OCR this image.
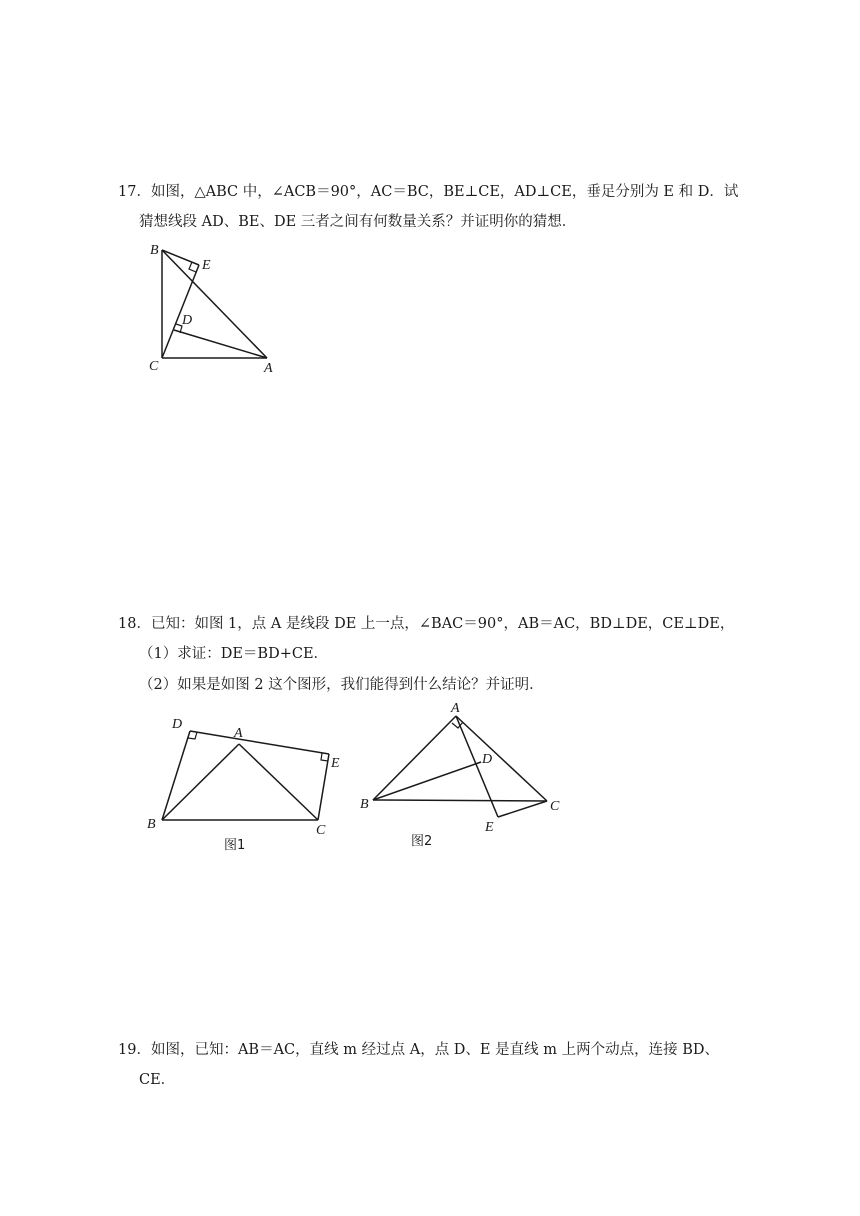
17．如图，△ABC 中，∠ACB＝90°，AC＝BC，BE⊥CE，AD⊥CE，垂足分别为 E 和 D．试
猜想线段 AD、BE、DE 三者之间有何数量关系？并证明你的猜想．
B
E
D
C	A
18．已知：如图 1，点 A 是线段 DE 上一点，∠BAC＝90°，AB＝AC，BD⊥DE，CE⊥DE，
（1）求证：DE＝BD+CE．
（2）如果是如图 2 这个图形，我们能得到什么结论？并证明．
D
A
E
B	C
图1
A
D
B	C
E
图2
19．如图，已知：AB＝AC，直线 m 经过点 A，点 D、E 是直线 m 上两个动点，连接 BD、
CE．
